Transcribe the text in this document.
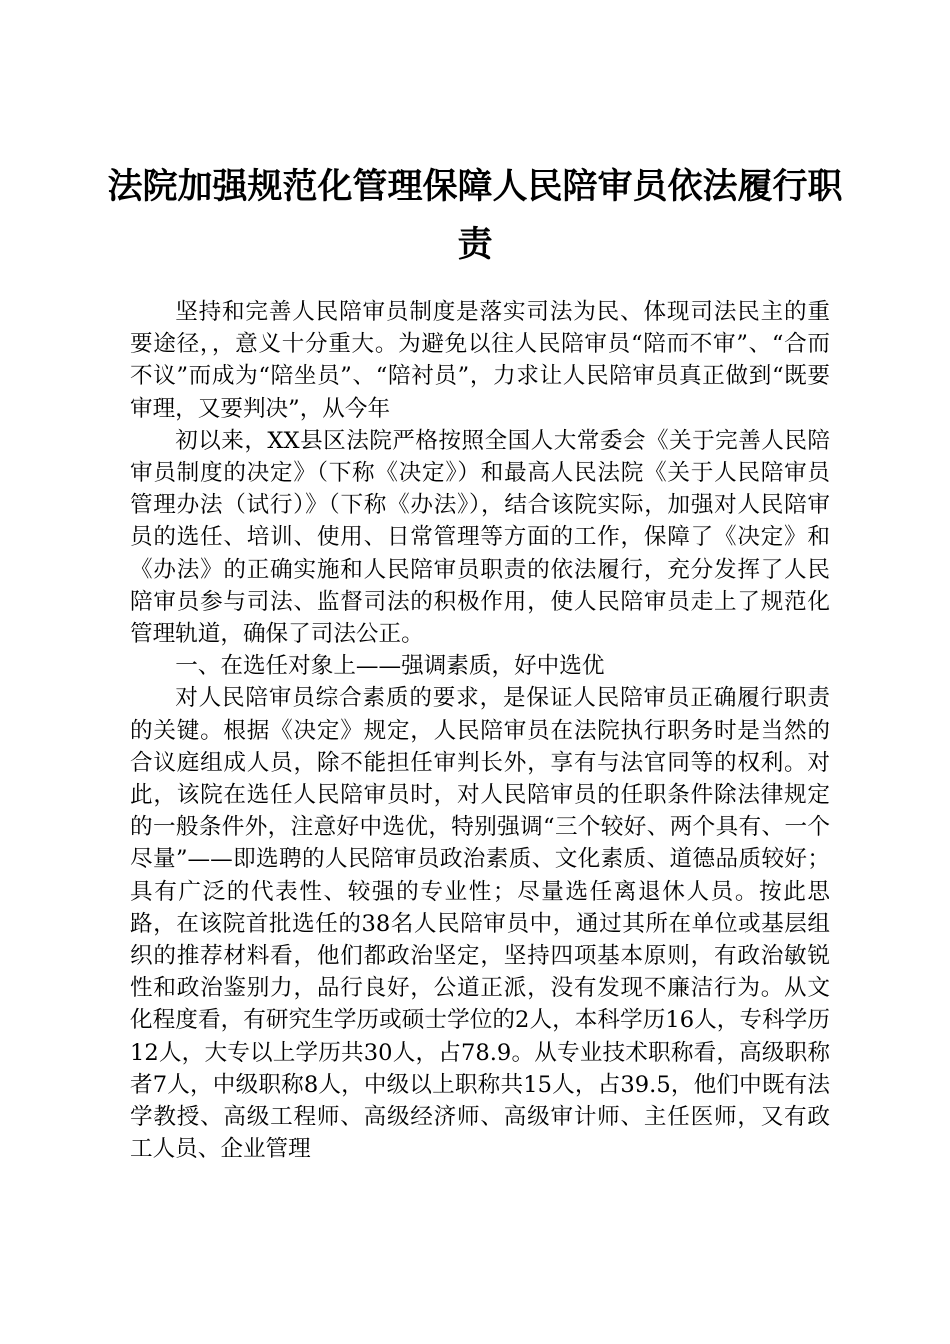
法院加强规范化管理保障人民陪审员依法履行职责

坚持和完善人民陪审员制度是落实司法为民、体现司法民主的重要途径，，意义十分重大。为避免以往人民陪审员“陪而不审”、“合而不议”而成为“陪坐员”、“陪衬员”，力求让人民陪审员真正做到“既要审理，又要判决”，从今年

初以来，XX县区法院严格按照全国人大常委会《关于完善人民陪审员制度的决定》（下称《决定》）和最高人民法院《关于人民陪审员管理办法（试行）》（下称《办法》），结合该院实际，加强对人民陪审员的选任、培训、使用、日常管理等方面的工作，保障了《决定》和《办法》的正确实施和人民陪审员职责的依法履行，充分发挥了人民陪审员参与司法、监督司法的积极作用，使人民陪审员走上了规范化管理轨道，确保了司法公正。

一、在选任对象上——强调素质，好中选优

对人民陪审员综合素质的要求，是保证人民陪审员正确履行职责的关键。根据《决定》规定，人民陪审员在法院执行职务时是当然的合议庭组成人员，除不能担任审判长外，享有与法官同等的权利。对此，该院在选任人民陪审员时，对人民陪审员的任职条件除法律规定的一般条件外，注意好中选优，特别强调“三个较好、两个具有、一个尽量”——即选聘的人民陪审员政治素质、文化素质、道德品质较好；具有广泛的代表性、较强的专业性；尽量选任离退休人员。按此思路，在该院首批选任的38名人民陪审员中，通过其所在单位或基层组织的推荐材料看，他们都政治坚定，坚持四项基本原则，有政治敏锐性和政治鉴别力，品行良好，公道正派，没有发现不廉洁行为。从文化程度看，有研究生学历或硕士学位的2人，本科学历16人，专科学历12人，大专以上学历共30人，占78.9。从专业技术职称看，高级职称者7人，中级职称8人，中级以上职称共15人，占39.5，他们中既有法学教授、高级工程师、高级经济师、高级审计师、主任医师，又有政工人员、企业管理
